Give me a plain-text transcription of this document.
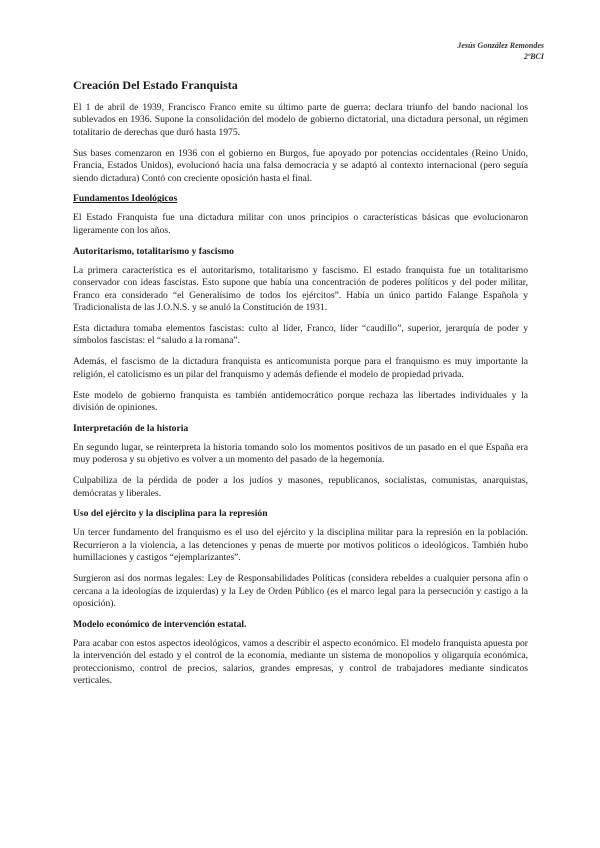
Jesús González Remondes
2ºBCI
Creación Del Estado Franquista

El 1 de abril de 1939, Francisco Franco emite su último parte de guerra: declara triunfo del bando nacional los sublevados en 1936. Supone la consolidación del modelo de gobierno dictatorial, una dictadura personal, un régimen totalitario de derechas que duró hasta 1975.

Sus bases comenzaron en 1936 con el gobierno en Burgos, fue apoyado por potencias occidentales (Reino Unido, Francia, Estados Unidos), evolucionó hacia una falsa democracia y se adaptó al contexto internacional (pero seguía siendo dictadura) Contó con creciente oposición hasta el final.

Fundamentos Ideológicos

El Estado Franquista fue una dictadura militar con unos principios o características básicas que evolucionaron ligeramente con los años.

Autoritarismo, totalitarismo y fascismo

La primera característica es el autoritarismo, totalitarismo y fascismo. El estado franquista fue un totalitarismo conservador con ideas fascistas. Esto supone que había una concentración de poderes políticos y del poder militar, Franco era considerado “el Generalísimo de todos los ejércitos”. Había un único partido Falange Española y Tradicionalista de las J.O.N.S. y se anuló la Constitución de 1931.

Esta dictadura tomaba elementos fascistas: culto al líder, Franco, líder “caudillo”, superior, jerarquía de poder y símbolos fascistas: el “saludo a la romana”.

Además, el fascismo de la dictadura franquista es anticomunista porque para el franquismo es muy importante la religión, el catolicismo es un pilar del franquismo y además defiende el modelo de propiedad privada.

Este modelo de gobierno franquista es también antidemocrático porque rechaza las libertades individuales y la división de opiniones.

Interpretación de la historia

En segundo lugar, se reinterpreta la historia tomando solo los momentos positivos de un pasado en el que España era muy poderosa y su objetivo es volver a un momento del pasado de la hegemonía.

Culpabiliza de la pérdida de poder a los judíos y masones, republicanos, socialistas, comunistas, anarquistas, demócratas y liberales.

Uso del ejército y la disciplina para la represión

Un tercer fundamento del franquismo es el uso del ejército y la disciplina militar para la represión en la población. Recurrieron a la violencia, a las detenciones y penas de muerte por motivos políticos o ideológicos. También hubo humillaciones y castigos “ejemplarizantes”.

Surgieron así dos normas legales: Ley de Responsabilidades Políticas (considera rebeldes a cualquier persona afín o cercana a la ideologías de izquierdas) y la Ley de Orden Público (es el marco legal para la persecución y castigo a la oposición).

Modelo económico de intervención estatal.

Para acabar con estos aspectos ideológicos, vamos a describir el aspecto económico. El modelo franquista apuesta por la intervención del estado y el control de la economía, mediante un sistema de monopolios y oligarquía económica, proteccionismo, control de precios, salarios, grandes empresas, y control de trabajadores mediante sindicatos verticales.
